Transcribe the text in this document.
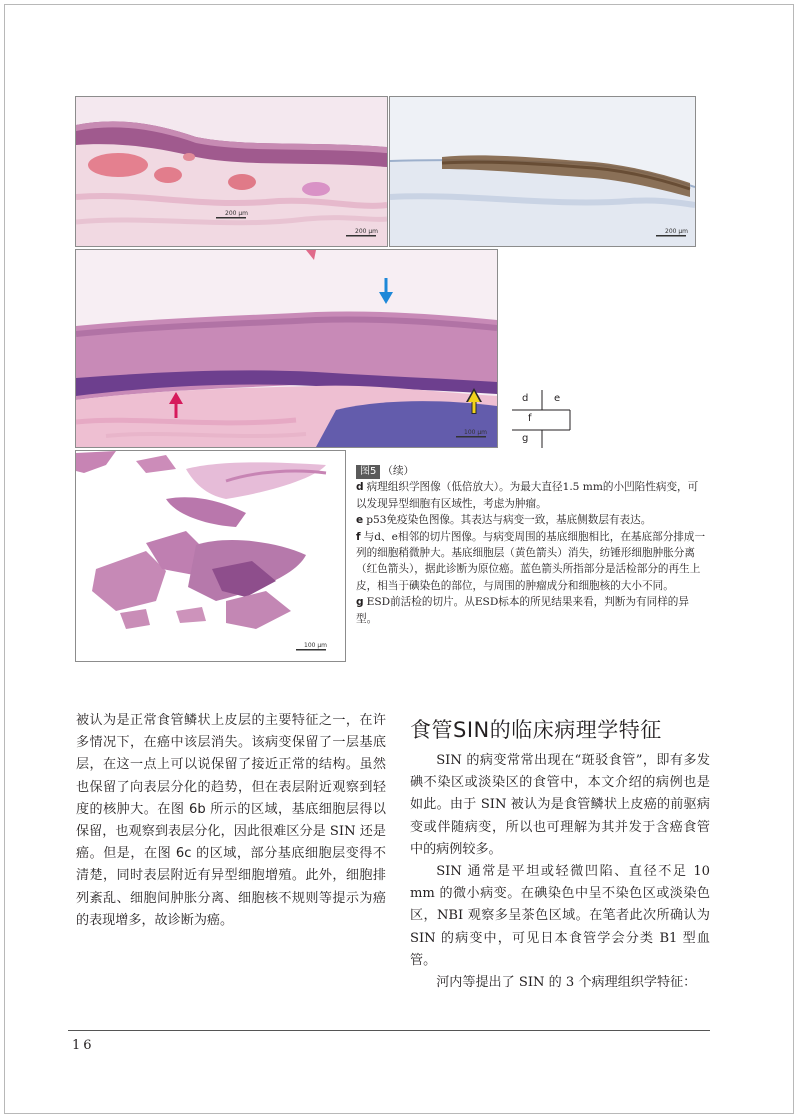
200 μm
200 μm	200 μm
100 μm
100 μm
d	e
f
g

图5 （续）

d 病理组织学图像（低倍放大）。为最大直径1.5 mm的小凹陷性病变，可以发现异型细胞有区域性，考虑为肿瘤。

e p53免疫染色图像。其表达与病变一致，基底侧数层有表达。

f 与d、e相邻的切片图像。与病变周围的基底细胞相比，在基底部分排成一列的细胞稍微肿大。基底细胞层（黄色箭头）消失，纺锤形细胞肿胀分离（红色箭头），据此诊断为原位癌。蓝色箭头所指部分是活检部分的再生上皮，相当于碘染色的部位，与周围的肿瘤成分和细胞核的大小不同。

g ESD前活检的切片。从ESD标本的所见结果来看，判断为有同样的异型。

被认为是正常食管鳞状上皮层的主要特征之一，在许多情况下，在癌中该层消失。该病变保留了一层基底层，在这一点上可以说保留了接近正常的结构。虽然也保留了向表层分化的趋势，但在表层附近观察到轻度的核肿大。在图 6b 所示的区域，基底细胞层得以保留，也观察到表层分化，因此很难区分是 SIN 还是癌。但是，在图 6c 的区域，部分基底细胞层变得不清楚，同时表层附近有异型细胞增殖。此外，细胞排列紊乱、细胞间肿胀分离、细胞核不规则等提示为癌的表现增多，故诊断为癌。

食管SIN的临床病理学特征

SIN 的病变常常出现在“斑驳食管”，即有多发碘不染区或淡染区的食管中，本文介绍的病例也是如此。由于 SIN 被认为是食管鳞状上皮癌的前驱病变或伴随病变，所以也可理解为其并发于含癌食管中的病例较多。

SIN 通常是平坦或轻微凹陷、直径不足 10 mm 的微小病变。在碘染色中呈不染色区或淡染色区，NBI 观察多呈茶色区域。在笔者此次所确认为 SIN 的病变中，可见日本食管学会分类 B1 型血管。

河内等提出了 SIN 的 3 个病理组织学特征：

16
